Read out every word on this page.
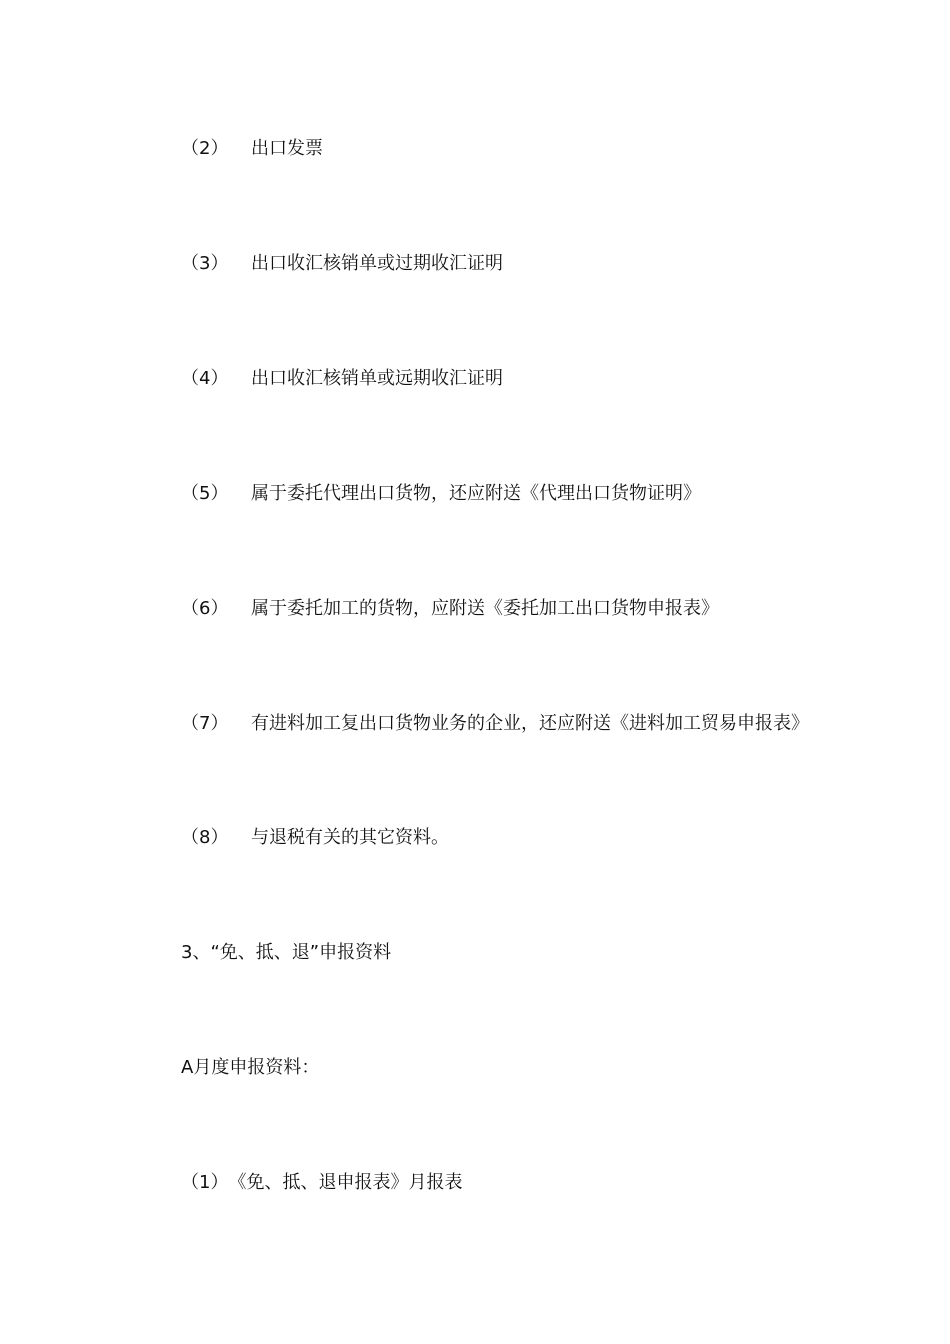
（2） 出口发票
（3） 出口收汇核销单或过期收汇证明
（4） 出口收汇核销单或远期收汇证明
（5） 属于委托代理出口货物，还应附送《代理出口货物证明》
（6） 属于委托加工的货物，应附送《委托加工出口货物申报表》
（7） 有进料加工复出口货物业务的企业，还应附送《进料加工贸易申报表》
（8） 与退税有关的其它资料。
3、“免、抵、退”申报资料
A月度申报资料：
（1）《免、抵、退申报表》月报表
